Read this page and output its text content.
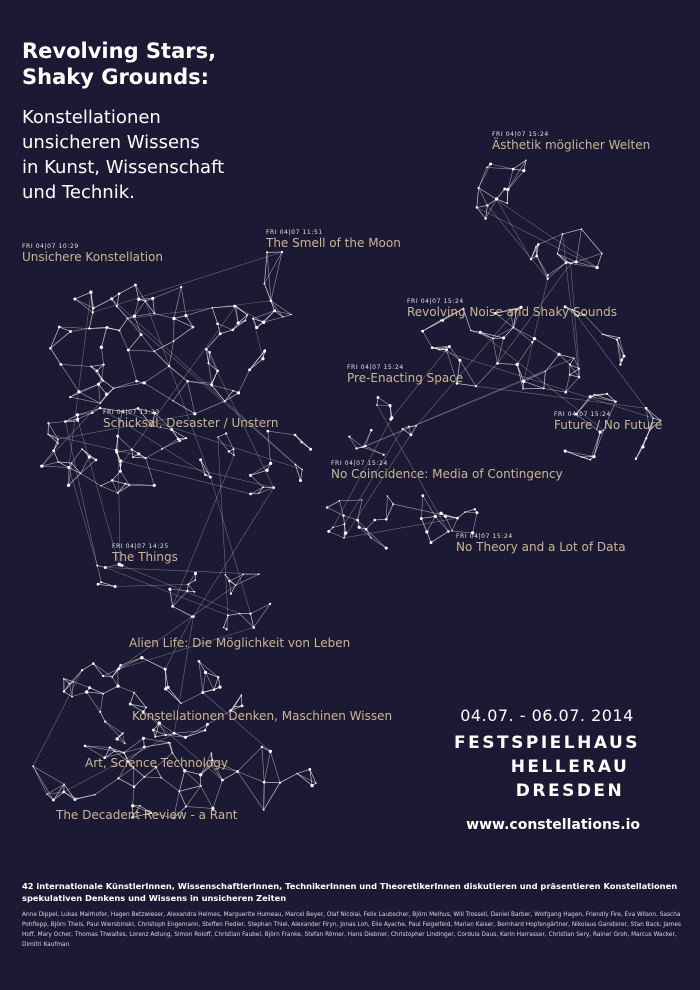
Revolving Stars,
Shaky Grounds:
Konstellationen
unsicheren Wissens
in Kunst, Wissenschaft
und Technik.
FRI 04|07 10:29
Unsichere Konstellation
FRI 04|07 11:51
The Smell of the Moon
FRI 04|07 13:23
Schicksal, Desaster / Unstern
FRI 04|07 14:25
The Things
FRI 04|07 15:24
Ästhetik möglicher Welten
FRI 04|07 15:24
Revolving Noise and Shaky Sounds
FRI 04|07 15:24
Pre-Enacting Space
FRI 04|07 15:24
Future / No Future
FRI 04|07 15:24
No Coincidence: Media of Contingency
FRI 04|07 15:24
No Theory and a Lot of Data
Alien Life: Die Möglichkeit von Leben
Konstellationen Denken, Maschinen Wissen
Art, Science Technology
The Decadent Review - a Rant
04.07. - 06.07. 2014
FESTSPIELHAUS
HELLERAU
DRESDEN
www.constellations.io
42 internationale KünstlerInnen, WissenschaftlerInnen, TechnikerInnen und TheoretikerInnen diskutieren und präsentieren Konstellationen
spekulativen Denkens und Wissens in unsicheren Zeiten
Anne Dippel, Lukas Mairhofer, Hagen Betzwieser, Alexandra Heimes, Marguerite Humeau, Marcel Beyer, Olaf Nicolai, Felix Laubscher, Björn Melhus, Will Trossell, Daniel Barber, Wolfgang Hagen, Friendly Fire, Eva Wilson, Sascha Pohflepp, Björn Theis, Paul Wiersbinski, Christoph Engemann, Steffen Fiedler, Stephan Thiel, Alexander Firyn, Jonas Loh, Elie Ayache, Paul Feigelfeld, Marian Kaiser, Bernhard Hopfengärtner, Nikolaus Gansterer, Stan Back, James Hoff, Mary Ocher, Thomas Thwaites, Lorenz Adlung, Simon Roloff, Christian Faubel, Björn Franke, Stefan Römer, Hans Diebner, Christopher Lindinger, Cordula Daus, Karin Harrasser, Christian Sery, Rainer Groh, Marcus Wacker, Dimitri Kaufman
